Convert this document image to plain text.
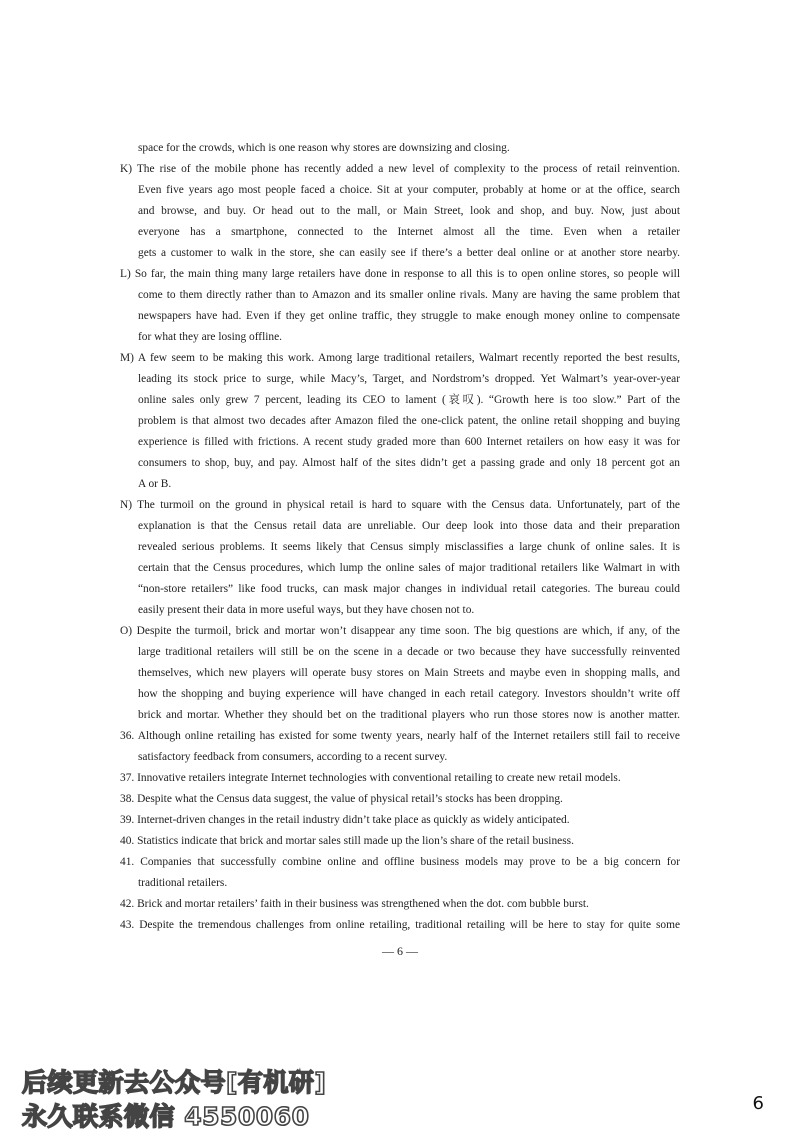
space for the crowds, which is one reason why stores are downsizing and closing.
K) The rise of the mobile phone has recently added a new level of complexity to the process of retail reinvention.
Even five years ago most people faced a choice. Sit at your computer, probably at home or at the office, search
and browse, and buy. Or head out to the mall, or Main Street, look and shop, and buy. Now, just about
everyone has a smartphone, connected to the Internet almost all the time. Even when a retailer
gets a customer to walk in the store, she can easily see if there’s a better deal online or at another store nearby.
L) So far, the main thing many large retailers have done in response to all this is to open online stores, so people will
come to them directly rather than to Amazon and its smaller online rivals. Many are having the same problem that
newspapers have had. Even if they get online traffic, they struggle to make enough money online to compensate
for what they are losing offline.
M) A few seem to be making this work. Among large traditional retailers, Walmart recently reported the best results,
leading its stock price to surge, while Macy’s, Target, and Nordstrom’s dropped. Yet Walmart’s year-over-year
online sales only grew 7 percent, leading its CEO to lament (哀叹). “Growth here is too slow.” Part of the
problem is that almost two decades after Amazon filed the one-click patent, the online retail shopping and buying
experience is filled with frictions. A recent study graded more than 600 Internet retailers on how easy it was for
consumers to shop, buy, and pay. Almost half of the sites didn’t get a passing grade and only 18 percent got an
A or B.
N) The turmoil on the ground in physical retail is hard to square with the Census data. Unfortunately, part of the
explanation is that the Census retail data are unreliable. Our deep look into those data and their preparation
revealed serious problems. It seems likely that Census simply misclassifies a large chunk of online sales. It is
certain that the Census procedures, which lump the online sales of major traditional retailers like Walmart in with
“non-store retailers” like food trucks, can mask major changes in individual retail categories. The bureau could
easily present their data in more useful ways, but they have chosen not to.
O) Despite the turmoil, brick and mortar won’t disappear any time soon. The big questions are which, if any, of the
large traditional retailers will still be on the scene in a decade or two because they have successfully reinvented
themselves, which new players will operate busy stores on Main Streets and maybe even in shopping malls, and
how the shopping and buying experience will have changed in each retail category. Investors shouldn’t write off
brick and mortar. Whether they should bet on the traditional players who run those stores now is another matter.
36. Although online retailing has existed for some twenty years, nearly half of the Internet retailers still fail to receive
satisfactory feedback from consumers, according to a recent survey.
37. Innovative retailers integrate Internet technologies with conventional retailing to create new retail models.
38. Despite what the Census data suggest, the value of physical retail’s stocks has been dropping.
39. Internet-driven changes in the retail industry didn’t take place as quickly as widely anticipated.
40. Statistics indicate that brick and mortar sales still made up the lion’s share of the retail business.
41. Companies that successfully combine online and offline business models may prove to be a big concern for
traditional retailers.
42. Brick and mortar retailers’ faith in their business was strengthened when the dot. com bubble burst.
43. Despite the tremendous challenges from online retailing, traditional retailing will be here to stay for quite some
— 6 —
后续更新去公众号[有机研]
永久联系微信 4550060	6
